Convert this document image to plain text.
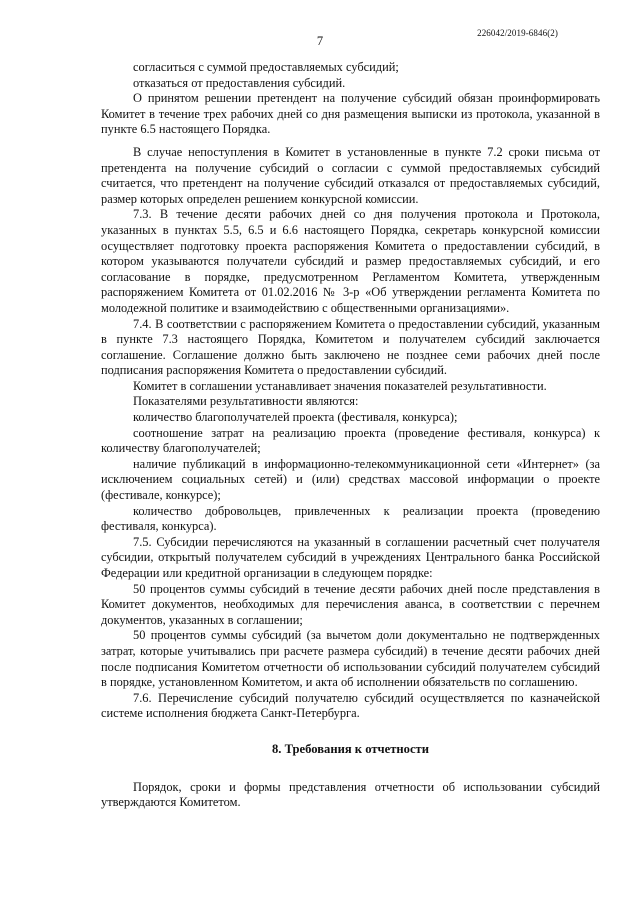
226042/2019-6846(2)
7

согласиться с суммой предоставляемых субсидий;

отказаться от предоставления субсидий.

О принятом решении претендент на получение субсидий обязан проинформировать Комитет в течение трех рабочих дней со дня размещения выписки из протокола, указанной в пункте 6.5 настоящего Порядка.

В случае непоступления в Комитет в установленные в пункте 7.2 сроки письма от претендента на получение субсидий о согласии с суммой предоставляемых субсидий считается, что претендент на получение субсидий отказался от предоставляемых субсидий, размер которых определен решением конкурсной комиссии.

7.3. В течение десяти рабочих дней со дня получения протокола и Протокола, указанных в пунктах 5.5, 6.5 и 6.6 настоящего Порядка, секретарь конкурсной комиссии осуществляет подготовку проекта распоряжения Комитета о предоставлении субсидий, в котором указываются получатели субсидий и размер предоставляемых субсидий, и его согласование в порядке, предусмотренном Регламентом Комитета, утвержденным распоряжением Комитета от 01.02.2016 № 3-р «Об утверждении регламента Комитета по молодежной политике и взаимодействию с общественными организациями».

7.4. В соответствии с распоряжением Комитета о предоставлении субсидий, указанным в пункте 7.3 настоящего Порядка, Комитетом и получателем субсидий заключается соглашение. Соглашение должно быть заключено не позднее семи рабочих дней после подписания распоряжения Комитета о предоставлении субсидий.

Комитет в соглашении устанавливает значения показателей результативности.

Показателями результативности являются:

количество благополучателей проекта (фестиваля, конкурса);

соотношение затрат на реализацию проекта (проведение фестиваля, конкурса) к количеству благополучателей;

наличие публикаций в информационно-телекоммуникационной сети «Интернет» (за исключением социальных сетей) и (или) средствах массовой информации о проекте (фестивале, конкурсе);

количество добровольцев, привлеченных к реализации проекта (проведению фестиваля, конкурса).

7.5. Субсидии перечисляются на указанный в соглашении расчетный счет получателя субсидии, открытый получателем субсидий в учреждениях Центрального банка Российской Федерации или кредитной организации в следующем порядке:

50 процентов суммы субсидий в течение десяти рабочих дней после представления в Комитет документов, необходимых для перечисления аванса, в соответствии с перечнем документов, указанных в соглашении;

50 процентов суммы субсидий (за вычетом доли документально не подтвержденных затрат, которые учитывались при расчете размера субсидий) в течение десяти рабочих дней после подписания Комитетом отчетности об использовании субсидий получателем субсидий в порядке, установленном Комитетом, и акта об исполнении обязательств по соглашению.

7.6. Перечисление субсидий получателю субсидий осуществляется по казначейской системе исполнения бюджета Санкт-Петербурга.

8. Требования к отчетности

Порядок, сроки и формы представления отчетности об использовании субсидий утверждаются Комитетом.
